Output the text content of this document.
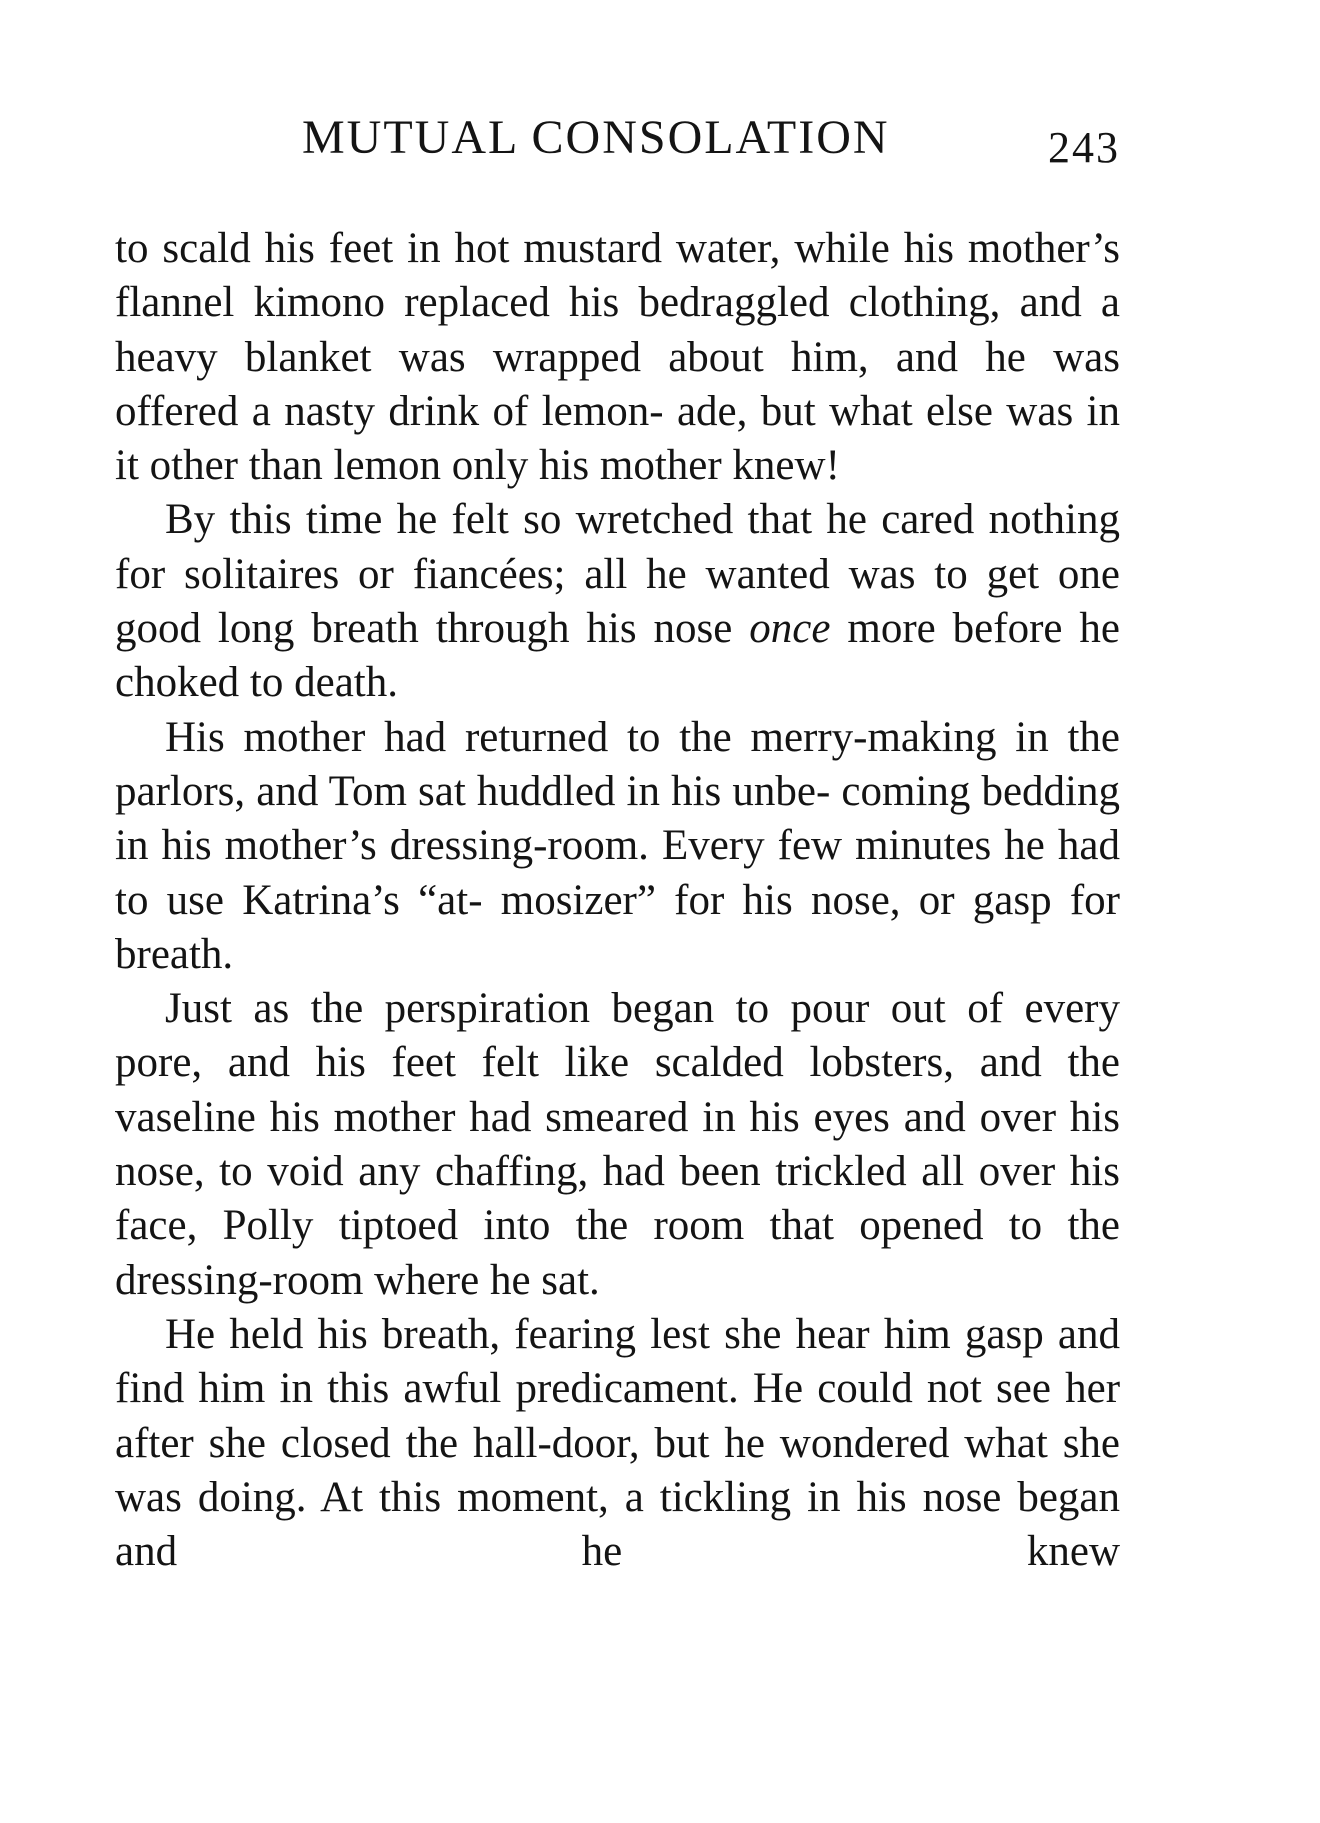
MUTUAL CONSOLATION	243

to scald his feet in hot mustard water, while his mother’s flannel kimono replaced his bedraggled clothing, and a heavy blanket was wrapped about him, and he was offered a nasty drink of lemon- ade, but what else was in it other than lemon only his mother knew!

By this time he felt so wretched that he cared nothing for solitaires or fiancées; all he wanted was to get one good long breath through his nose once more before he choked to death.

His mother had returned to the merry-making in the parlors, and Tom sat huddled in his unbe- coming bedding in his mother’s dressing-room. Every few minutes he had to use Katrina’s “at- mosizer” for his nose, or gasp for breath.

Just as the perspiration began to pour out of every pore, and his feet felt like scalded lobsters, and the vaseline his mother had smeared in his eyes and over his nose, to void any chaffing, had been trickled all over his face, Polly tiptoed into the room that opened to the dressing-room where he sat.

He held his breath, fearing lest she hear him gasp and find him in this awful predicament. He could not see her after she closed the hall-door, but he wondered what she was doing. At this moment, a tickling in his nose began and he knew
